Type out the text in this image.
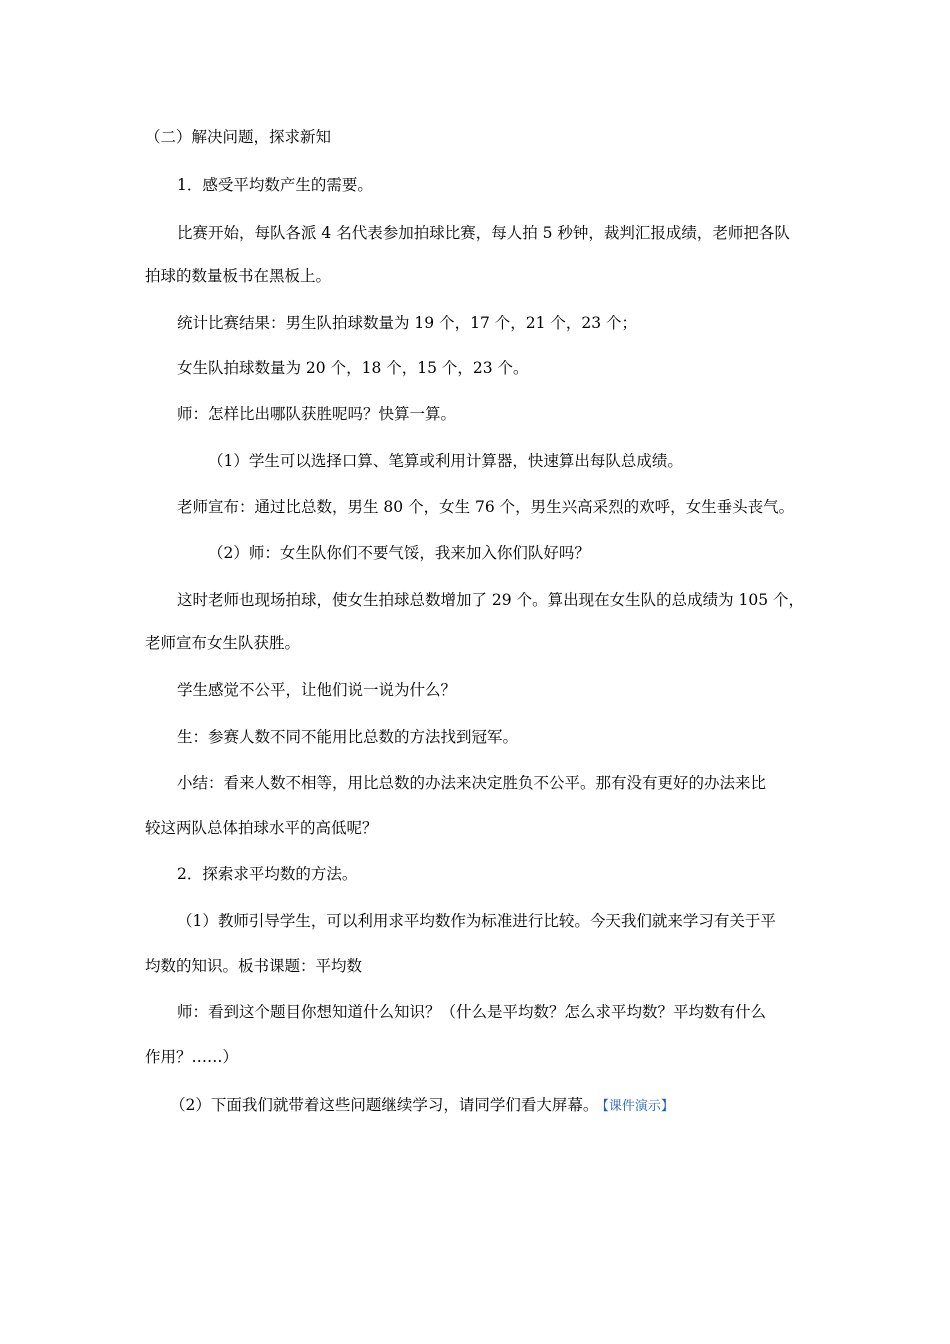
（二）解决问题，探求新知
1．感受平均数产生的需要。
比赛开始，每队各派 4 名代表参加拍球比赛，每人拍 5 秒钟，裁判汇报成绩，老师把各队
拍球的数量板书在黑板上。
统计比赛结果：男生队拍球数量为 19 个，17 个，21 个，23 个；
女生队拍球数量为 20 个，18 个，15 个，23 个。
师：怎样比出哪队获胜呢吗？快算一算。
（1）学生可以选择口算、笔算或利用计算器，快速算出每队总成绩。
老师宣布：通过比总数，男生 80 个，女生 76 个，男生兴高采烈的欢呼，女生垂头丧气。
（2）师：女生队你们不要气馁，我来加入你们队好吗？
这时老师也现场拍球，使女生拍球总数增加了 29 个。算出现在女生队的总成绩为 105 个，
老师宣布女生队获胜。
学生感觉不公平，让他们说一说为什么？
生：参赛人数不同不能用比总数的方法找到冠军。
小结：看来人数不相等，用比总数的办法来决定胜负不公平。那有没有更好的办法来比
较这两队总体拍球水平的高低呢？
2．探索求平均数的方法。
（1）教师引导学生，可以利用求平均数作为标准进行比较。今天我们就来学习有关于平
均数的知识。板书课题：平均数
师：看到这个题目你想知道什么知识？（什么是平均数？怎么求平均数？平均数有什么
作用？……）
（2）下面我们就带着这些问题继续学习，请同学们看大屏幕。 【课件演示】
